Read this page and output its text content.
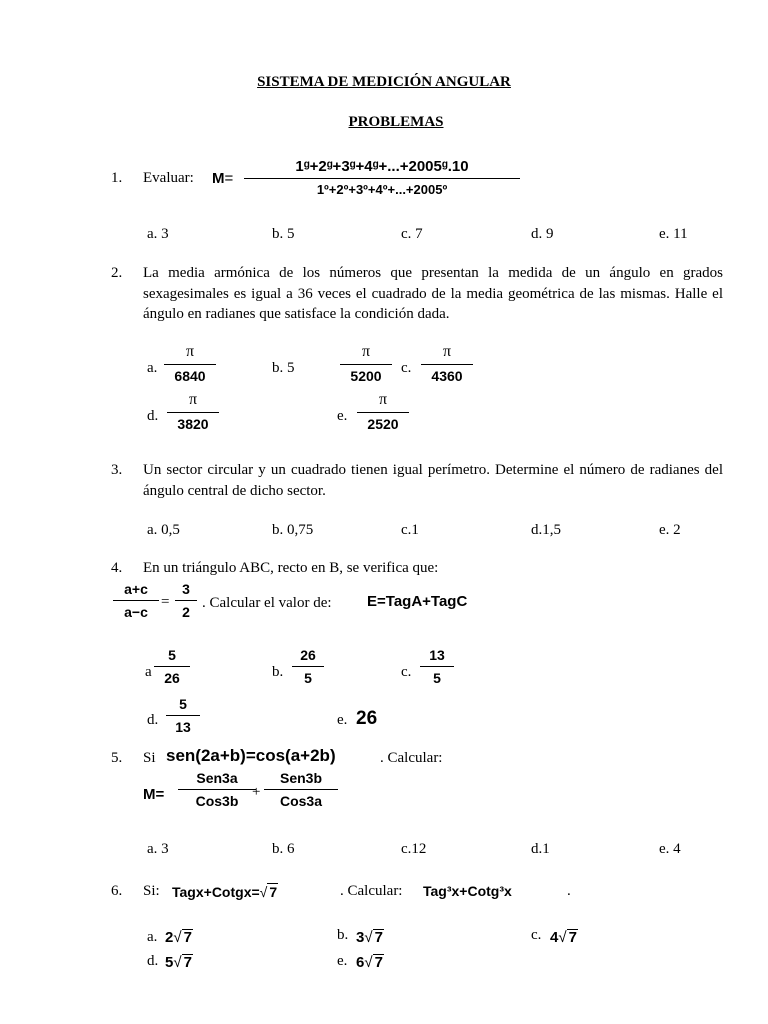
SISTEMA DE MEDICIÓN ANGULAR
PROBLEMAS
1. Evaluar: M=
1ᵍ+2ᵍ+3ᵍ+4ᵍ+...+2005ᵍ.10
1º+2º+3º+4º+...+2005º
a. 3	b. 5	c. 7	d. 9	e. 11
2. La media armónica de los números que presentan la medida de un ángulo en grados sexagesimales es igual a 36 veces el cuadrado de la media geométrica de las mismas. Halle el ángulo en radianes que satisface la condición dada.
a.
π
6840	b. 5
π
5200 c.
π
4360
d.
π
3820	e.
π
2520
3. Un sector circular y un cuadrado tienen igual perímetro. Determine el número de radianes del ángulo central de dicho sector.
a. 0,5	b. 0,75	c.1	d.1,5	e. 2
4. En un triángulo ABC, recto en B, se verifica que:
a+c
a−c
=
3
2
. Calcular el valor de: E=TagA+TagC
a
5
26	b.
26
5	c.
13
5
d.
5
13	e. 26
5. Si sen(2a+b)=cos(a+2b)	. Calcular:
M=
Sen3a
Cos3b
+
Sen3b
Cos3a
a. 3	b. 6	c.12	d.1	e. 4
6. Si: Tagx+Cotgx=√ 7	. Calcular: Tag³x+Cotg³x	.
a. 2√ 7	b. 3√ 7	c. 4√ 7
d. 5√ 7	e. 6√ 7
